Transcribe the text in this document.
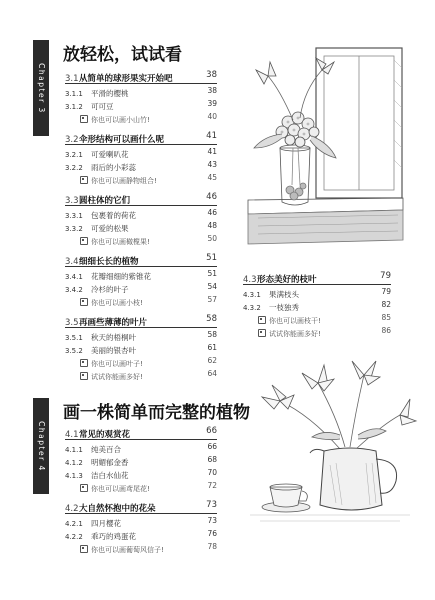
Chapter 3
放轻松，试试看
3.1从简单的球形果实开始吧	38
3.1.1 平滑的樱桃	38
3.1.2 可可豆	39
你也可以画小山竹!	40
3.2伞形结构可以画什么呢	41
3.2.1 可爱喇叭花	41
3.2.2 雨后的小彩蕊	43
你也可以画静物组合!	45
3.3圆柱体的它们	46
3.3.1 包裹着的荷花	46
3.3.2 可爱的松果	48
你也可以画橄榄果!	50
3.4细细长长的植物	51
3.4.1 花瓣细细的紫锥花	51
3.4.2 冷杉的叶子	54
你也可以画小枝!	57
3.5再画些薄薄的叶片	58
3.5.1 秋天的梧桐叶	58
3.5.2 美丽的银杏叶	61
你也可以画叶子!	62
试试你能画多好!	64
Chapter 4
画一株简单而完整的植物
4.1常见的观赏花	66
4.1.1 纯美百合	66
4.1.2 明媚郁金香	68
4.1.3 洁白水仙花	70
你也可以画鸢尾花!	72
4.2大自然怀抱中的花朵	73
4.2.1 四月樱花	73
4.2.2 乖巧的鸡蛋花	76
你也可以画葡萄风信子!	78
4.3形态美好的枝叶	79
4.3.1 果满枝头	79
4.3.2 一枝独秀	82
你也可以画枝干!	85
试试你能画多好!	86
